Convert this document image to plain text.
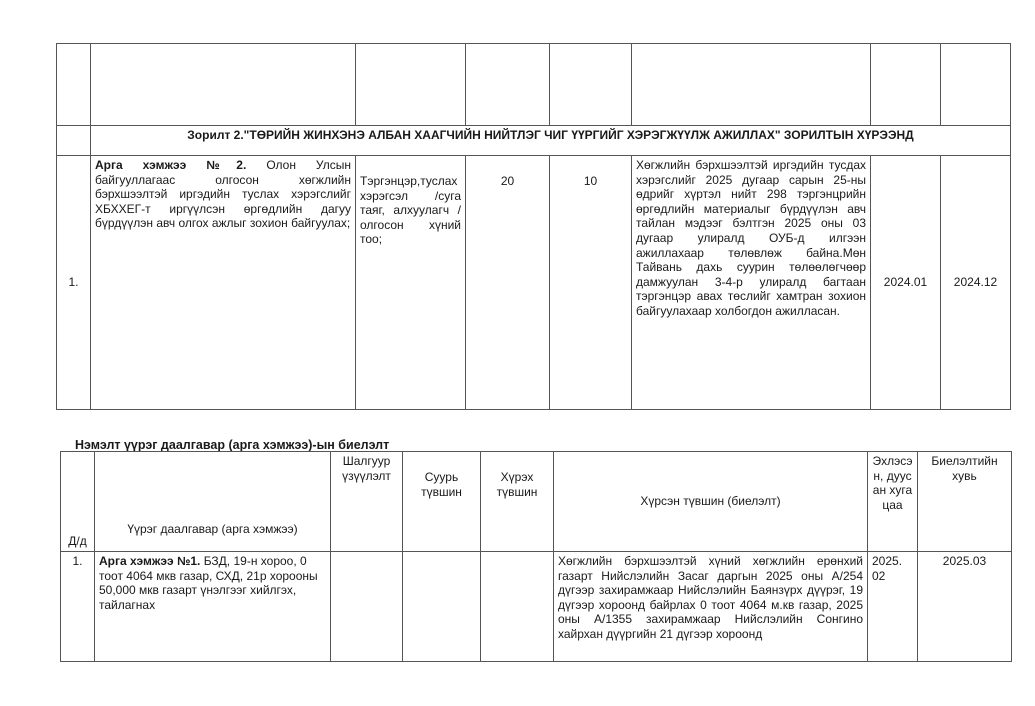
	Зорилт 2."ТӨРИЙН ЖИНХЭНЭ АЛБАН ХААГЧИЙН НИЙТЛЭГ ЧИГ ҮҮРГИЙГ ХЭРЭГЖҮҮЛЖ АЖИЛЛАХ" ЗОРИЛТЫН ХҮРЭЭНД						
1.	Арга хэмжээ №2. Олон Улсын байгууллагаас олгосон хөгжлийн бэрхшээлтэй иргэдийн туслах хэрэгслийг ХБХХЕГ-т иргүүлсэн өргөдлийн дагуу бүрдүүлэн авч олгох ажлыг зохион байгуулах;	Тэргэнцэр,туслах хэрэгсэл /суга таяг, алхуулагч / олгосон хүний тоо;	20	10	Хөгжлийн бэрхшээлтэй иргэдийн тусдах хэрэгслийг 2025 дугаар сарын 25-ны өдрийг хүртэл нийт 298 тэргэнцрийн өргөдлийн материалыг бүрдүүлэн авч тайлан мэдээг бэлтгэн 2025 оны 03 дугаар улиралд ОУБ-д илгээн ажиллахаар төлөвлөж байна.Мөн Тайвань дахь суурин төлөөлөгчөөр дамжуулан 3-4-р улиралд багтаан тэргэнцэр авах төслийг хамтран зохион байгуулахаар холбогдон ажилласан.	2024.01	2024.12
Нэмэлт үүрэг даалгавар (арга хэмжээ)-ын биелэлт
Д/д	Үүрэг даалгавар (арга хэмжээ)	Шалгуур үзүүлэлт	Суурь түвшин	Хүрэх түвшин	Хүрсэн түвшин (биелэлт)	Эхлэсэн, дуусан хугацаа	Биелэлтийн хувь
1.	Арга хэмжээ №1. БЗД, 19-н хороо, 0 тоот 4064 мкв газар, СХД, 21р хорооны 50,000 мкв газарт үнэлгээг хийлгэх, тайлагнах				Хөгжлийн бэрхшээлтэй хүний хөгжлийн ерөнхий газарт Нийслэлийн Засаг даргын 2025 оны А/254 дүгээр захирамжаар Нийслэлийн Баянзүрх дүүрэг, 19 дүгээр хороонд байрлах 0 тоот 4064 м.кв газар, 2025 оны А/1355 захирамжаар Нийслэлийн Сонгино хайрхан дүүргийн 21 дүгээр хороонд	2025. 02	2025.03
